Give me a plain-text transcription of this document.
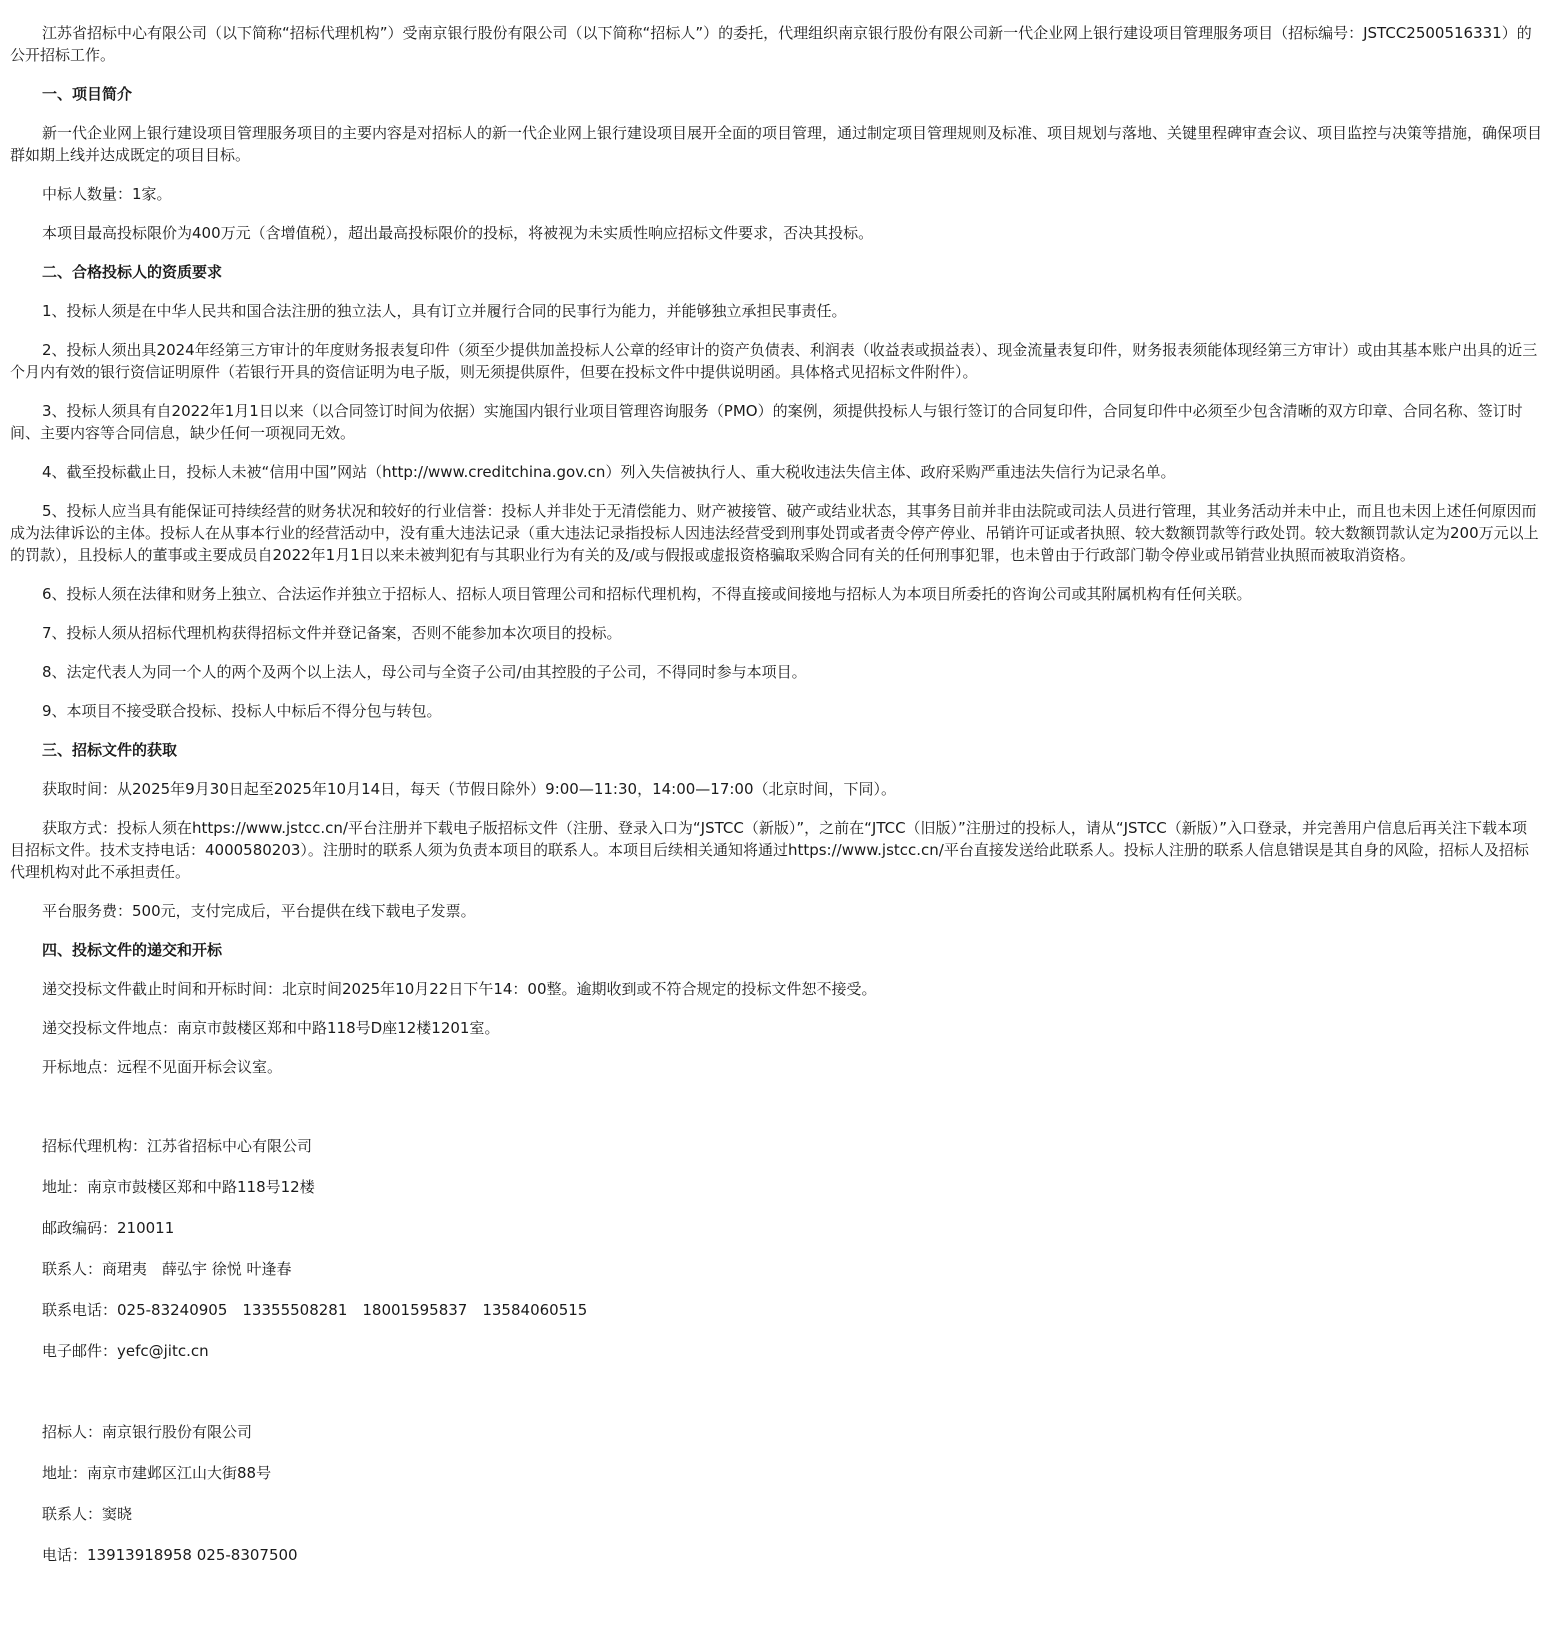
江苏省招标中心有限公司（以下简称“招标代理机构”）受南京银行股份有限公司（以下简称“招标人”）的委托，代理组织南京银行股份有限公司新一代企业网上银行建设项目管理服务项目（招标编号：JSTCC2500516331）的公开招标工作。

一、项目简介

新一代企业网上银行建设项目管理服务项目的主要内容是对招标人的新一代企业网上银行建设项目展开全面的项目管理，通过制定项目管理规则及标准、项目规划与落地、关键里程碑审查会议、项目监控与决策等措施，确保项目群如期上线并达成既定的项目目标。

中标人数量：1家。

本项目最高投标限价为400万元（含增值税），超出最高投标限价的投标，将被视为未实质性响应招标文件要求，否决其投标。

二、合格投标人的资质要求

1、投标人须是在中华人民共和国合法注册的独立法人，具有订立并履行合同的民事行为能力，并能够独立承担民事责任。

2、投标人须出具2024年经第三方审计的年度财务报表复印件（须至少提供加盖投标人公章的经审计的资产负债表、利润表（收益表或损益表）、现金流量表复印件，财务报表须能体现经第三方审计）或由其基本账户出具的近三个月内有效的银行资信证明原件（若银行开具的资信证明为电子版，则无须提供原件，但要在投标文件中提供说明函。具体格式见招标文件附件）。

3、投标人须具有自2022年1月1日以来（以合同签订时间为依据）实施国内银行业项目管理咨询服务（PMO）的案例，须提供投标人与银行签订的合同复印件，合同复印件中必须至少包含清晰的双方印章、合同名称、签订时间、主要内容等合同信息，缺少任何一项视同无效。

4、截至投标截止日，投标人未被“信用中国”网站（http://www.creditchina.gov.cn）列入失信被执行人、重大税收违法失信主体、政府采购严重违法失信行为记录名单。

5、投标人应当具有能保证可持续经营的财务状况和较好的行业信誉：投标人并非处于无清偿能力、财产被接管、破产或结业状态，其事务目前并非由法院或司法人员进行管理，其业务活动并未中止，而且也未因上述任何原因而成为法律诉讼的主体。投标人在从事本行业的经营活动中，没有重大违法记录（重大违法记录指投标人因违法经营受到刑事处罚或者责令停产停业、吊销许可证或者执照、较大数额罚款等行政处罚。较大数额罚款认定为200万元以上的罚款），且投标人的董事或主要成员自2022年1月1日以来未被判犯有与其职业行为有关的及/或与假报或虚报资格骗取采购合同有关的任何刑事犯罪，也未曾由于行政部门勒令停业或吊销营业执照而被取消资格。

6、投标人须在法律和财务上独立、合法运作并独立于招标人、招标人项目管理公司和招标代理机构，不得直接或间接地与招标人为本项目所委托的咨询公司或其附属机构有任何关联。

7、投标人须从招标代理机构获得招标文件并登记备案，否则不能参加本次项目的投标。

8、法定代表人为同一个人的两个及两个以上法人，母公司与全资子公司/由其控股的子公司，不得同时参与本项目。

9、本项目不接受联合投标、投标人中标后不得分包与转包。

三、招标文件的获取

获取时间：从2025年9月30日起至2025年10月14日，每天（节假日除外）9:00—11:30，14:00—17:00（北京时间，下同）。

获取方式：投标人须在https://www.jstcc.cn/平台注册并下载电子版招标文件（注册、登录入口为“JSTCC（新版）”，之前在“JTCC（旧版）”注册过的投标人，请从“JSTCC（新版）”入口登录，并完善用户信息后再关注下载本项目招标文件。技术支持电话：4000580203）。注册时的联系人须为负责本项目的联系人。本项目后续相关通知将通过https://www.jstcc.cn/平台直接发送给此联系人。投标人注册的联系人信息错误是其自身的风险，招标人及招标代理机构对此不承担责任。

平台服务费：500元，支付完成后，平台提供在线下载电子发票。

四、投标文件的递交和开标

递交投标文件截止时间和开标时间：北京时间2025年10月22日下午14：00整。逾期收到或不符合规定的投标文件恕不接受。

递交投标文件地点：南京市鼓楼区郑和中路118号D座12楼1201室。

开标地点：远程不见面开标会议室。

招标代理机构：江苏省招标中心有限公司

地址：南京市鼓楼区郑和中路118号12楼

邮政编码：210011

联系人：商珺夷　薛弘宇 徐悦 叶逢春

联系电话：025-83240905　13355508281　18001595837　13584060515

电子邮件：yefc@jitc.cn

招标人：南京银行股份有限公司

地址：南京市建邺区江山大街88号

联系人：窦晓

电话：13913918958 025-8307500
